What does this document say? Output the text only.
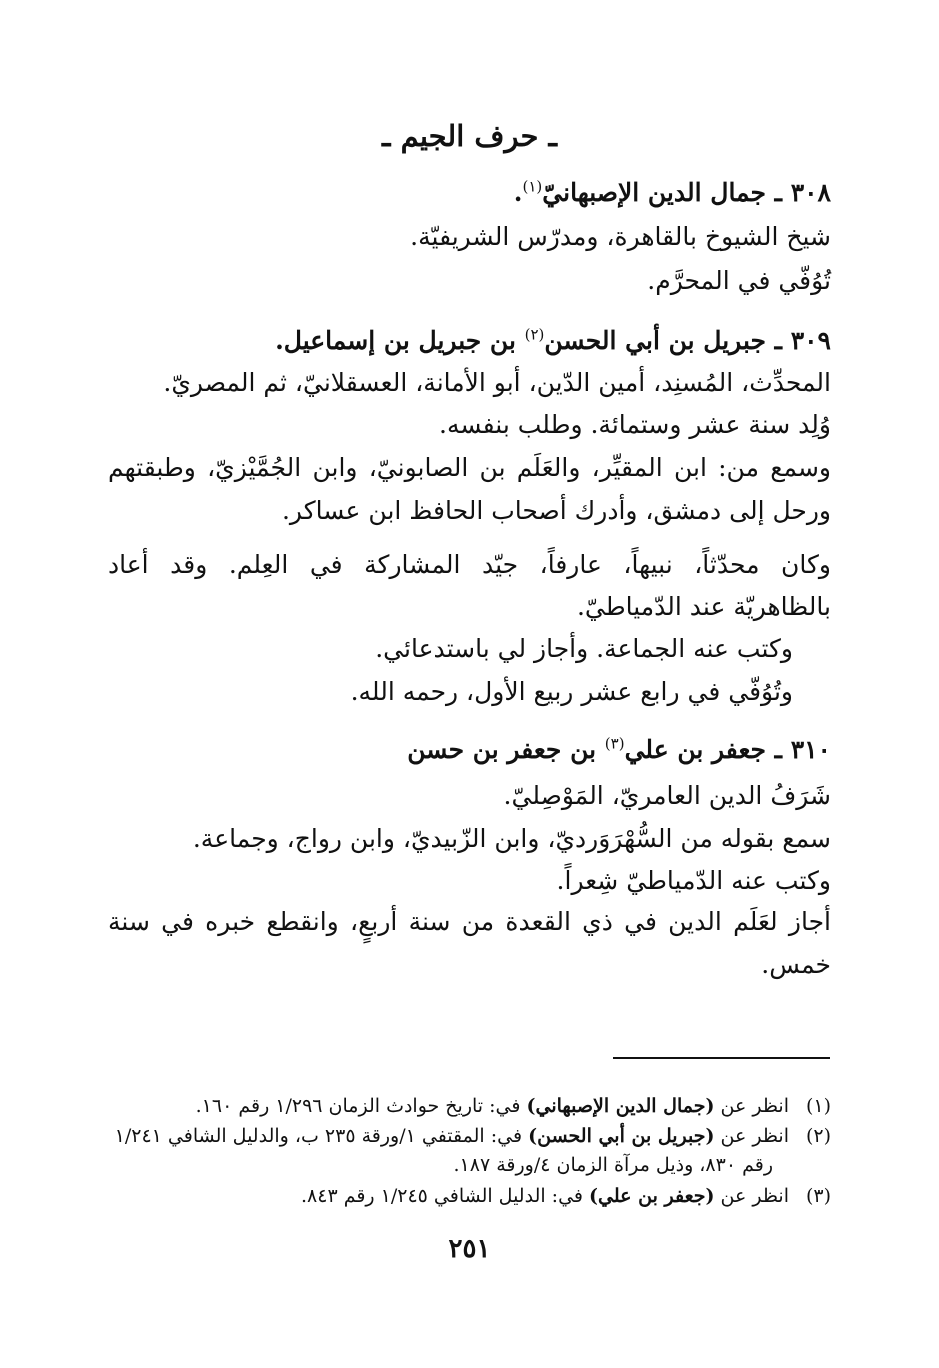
ـ حرف الجيم ـ
٣٠٨ ـ جمال الدين الإصبهانيّ$^{(١)}$.
شيخ الشيوخ بالقاهرة، ومدرّس الشريفيّة.
تُوُفّي في المحرَّم.
٣٠٩ ـ جبريل بن أبي الحسن$^{(٢)}$ بن جبريل بن إسماعيل.
المحدِّث، المُسنِد، أمين الدّين، أبو الأمانة، العسقلانيّ، ثم المصريّ.
وُلِد سنة عشر وستمائة. وطلب بنفسه.
وسمع من: ابن المقيِّر، والعَلَم بن الصابونيّ، وابن الجُمَّيْزيّ، وطبقتهم
ورحل إلى دمشق، وأدرك أصحاب الحافظ ابن عساكر.
وكان محدّثاً، نبيهاً، عارفاً، جيّد المشاركة في العِلم. وقد أعاد
بالظاهريّة عند الدّمياطيّ.
وكتب عنه الجماعة. وأجاز لي باستدعائي.
وتُوُفّي في رابع عشر ربيع الأول، رحمه الله.
٣١٠ ـ جعفر بن علي$^{(٣)}$ بن جعفر بن حسن
شَرَفُ الدين العامريّ، المَوْصِليّ.
سمع بقوله من السُّهْرَوَرديّ، وابن الزّبيديّ، وابن رواج، وجماعة.
وكتب عنه الدّمياطيّ شِعراً.
أجاز لعَلَم الدين في ذي القعدة من سنة أربعٍ، وانقطع خبره في سنة
خمس.
(١)انظر عن (جمال الدين الإصبهاني) في: تاريخ حوادث الزمان ١/٢٩٦ رقم ١٦٠.
(٢)انظر عن (جبريل بن أبي الحسن) في: المقتفي ١/ورقة ٢٣٥ ب، والدليل الشافي ١/٢٤١
رقم ٨٣٠، وذيل مرآة الزمان ٤/ورقة ١٨٧.
(٣)انظر عن (جعفر بن علي) في: الدليل الشافي ١/٢٤٥ رقم ٨٤٣.
٢٥١
